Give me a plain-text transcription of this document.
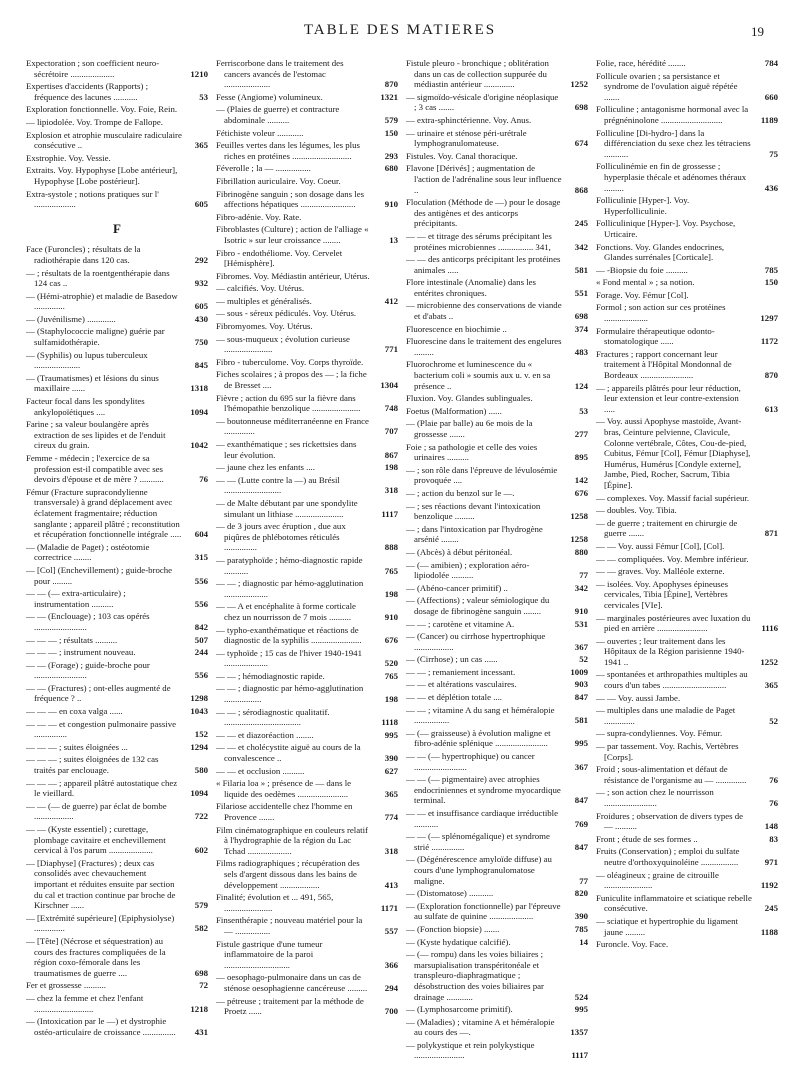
TABLE DES MATIERES	19
Expectoration ; son coefficient neuro-sécrétoire ....................	1210
Expertises d'accidents (Rapports) ; fréquence des lacunes ...........	53
Exploration fonctionnelle. Voy. Foie, Rein.
— lipiodolée. Voy. Trompe de Fallope.
Explosion et atrophie musculaire radiculaire consécutive ..	365
Exstrophie. Voy. Vessie.
Extraits. Voy. Hypophyse [Lobe antérieur], Hypophyse [Lobe postérieur].
Extra-systole ; notions pratiques sur l' ...................	605
F
Face (Furoncles) ; résultats de la radiothérapie dans 120 cas.	292
— ; résultats de la roentgenthérapie dans 124 cas ..	932
— (Hémi-atrophie) et maladie de Basedow ..............	605
— (Juvénilisme) .............	430
— (Staphylococcie maligne) guérie par sulfamidothérapie.	750
— (Syphilis) ou lupus tuberculeux .....................	845
— (Traumatismes) et lésions du sinus maxillaire ......	1318
Facteur focal dans les spondylites ankylopoïétiques ....	1094
Farine ; sa valeur boulangère après extraction de ses lipides et de l'enduit cireux du grain.	1042
Femme - médecin ; l'exercice de sa profession est-il compatible avec ses devoirs d'épouse et de mère ? ...........	76
Fémur (Fracture supracondylienne transversale) à grand déplacement avec éclatement fragmentaire; réduction sanglante ; appareil plâtré ; reconstitution et récupération fonctionnelle intégrale .....	604
— (Maladie de Paget) ; ostéotomie correctrice ........	315
— [Col] (Enchevillement) ; guide-broche pour .........	556
— — (— extra-articulaire) ; instrumentation ..........	556
— — (Enclouage) ; 103 cas opérés ........................	842
— — — ; résultats ..........	507
— — — ; instrument nouveau.	244
— — (Forage) ; guide-broche pour ........................	556
— — (Fractures) ; ont-elles augmenté de fréquence ? ..	1298
— — — en coxa valga ......	1043
— — — et congestion pulmonaire passive ...............	152
— — — ; suites éloignées ...	1294
— — — ; suites éloignées de 132 cas traités par enclouage.	580
— — — ; appareil plâtré autostatique chez le vieillard.	1094
— — (— de guerre) par éclat de bombe ..................	722
— — (Kyste essentiel) ; curettage, plombage cavitaire et enchevillement cervical à l'os parum ....................	602
— [Diaphyse] (Fractures) ; deux cas consolidés avec chevauchement important et réduites ensuite par section du cal et traction continue par broche de Kirschner ......	579
— [Extrémité supérieure] (Epiphysiolyse) ..............	582
— [Tête] (Nécrose et séquestration) au cours des fractures compliquées de la région coxo-fémorale dans les traumatismes de guerre ....	698
Fer et grossesse ..........	72
— chez la femme et chez l'enfant ...........................	1218
— (Intoxication par le —) et dystrophie ostéo-articulaire de croissance ...............	431
Ferriscorbone dans le traitement des cancers avancés de l'estomac .....................	870
Fesse (Angiome) volumineux.	1321
— (Plaies de guerre) et contracture abdominale ..........	579
Fétichiste voleur ............	150
Feuilles vertes dans les légumes, les plus riches en protéines ...........................	293
Féverolle ; la — ................	680
Fibrillation auriculaire. Voy. Coeur.
Fibrinogène sanguin ; son dosage dans les affections hépatiques .........................	910
Fibro-adénie. Voy. Rate.
Fibroblastes (Culture) ; action de l'alliage « Isotric » sur leur croissance ........	13
Fibro - endothéliome. Voy. Cervelet [Hémisphère].
Fibromes. Voy. Médiastin antérieur, Utérus.
— calcifiés. Voy. Utérus.
— multiples et généralisés.	412
— sous - séreux pédiculés. Voy. Utérus.
Fibromyomes. Voy. Utérus.
— sous-muqueux ; évolution curieuse ......................	771
Fibro - tuberculome. Voy. Corps thyroïde.
Fiches scolaires ; à propos des — ; la fiche de Bresset ....	1304
Fièvre ; action du 695 sur la fièvre dans l'hémopathie benzolique ......................	748
— boutonneuse méditerranéenne en France ..............	707
— exanthématique ; ses rickettsies dans leur évolution.	867
— jaune chez les enfants ....	198
— — (Lutte contre la —) au Brésil ..........................	318
— de Malte débutant par une spondylite simulant un lithiase ......................	1117
— de 3 jours avec éruption , due aux piqûres de phlébotomes réticulés ...............	888
— paratyphoïde ; hémo-diagnostic rapide ...........	765
— — ; diagnostic par hémo-agglutination ....................	198
— — A et encéphalite à forme corticale chez un nourrisson de 7 mois ..........	910
— typho-exanthématique et réactions de diagnostic de la syphilis .......................	676
— typhoïde ; 15 cas de l'hiver 1940-1941 ....................	520
— — ; hémodiagnostic rapide.	765
— — ; diagnostic par hémo-agglutination .................	198
— — ; sérodiagnostic qualitatif. ...................................	1118
— — et diazoréaction ........	995
— — et cholécystite aiguë au cours de la convalescence ..	390
— — et occlusion ..........	627
« Filaria loa » ; présence de — dans le liquide des oedèmes .......................	365
Filariose accidentelle chez l'homme en Provence .......	774
Film cinématographique en couleurs relatif à l'hydrographie de la région du Lac Tchad ....................	318
Films radiographiques ; récupération des sels d'argent dissous dans les bains de développement ..................	413
Finalité; évolution et ... 491, 565, ......................	1171
Finsenthérapie ; nouveau matériel pour la — ................	557
Fistule gastrique d'une tumeur inflammatoire de la paroi ..............................	366
— oesophago-pulmonaire dans un cas de sténose oesophagienne cancéreuse .........	294
— pétreuse ; traitement par la méthode de Proetz ......	700
Fistule pleuro - bronchique ; oblitération dans un cas de collection suppurée du médiastin antérieur ..............	1252
— sigmoïdo-vésicale d'origine néoplasique ; 3 cas .......	698
— extra-sphinctérienne. Voy. Anus.
— urinaire et sténose péri-urétrale lymphogranulomateuse.	674
Fistules. Voy. Canal thoracique.
Flavone [Dérivés] ; augmentation de l'action de l'adrénaline sous leur influence ..	868
Floculation (Méthode de —) pour le dosage des antigènes et des anticorps précipitants.	245
— — et titrage des sérums précipitant les protéines microbiennes ................ 341,	342
— — des anticorps précipitant les protéines animales .....	581
Flore intestinale (Anomalie) dans les entérites chroniques.	551
— microbienne des conservations de viande et d'abats ..	698
Fluorescence en biochimie ..	374
Fluorescine dans le traitement des engelures .........	483
Fluorochrome et luminescence du « bacterium coli » soumis aux u. v. en sa présence ..	124
Fluxion. Voy. Glandes sublinguales.
Foetus (Malformation) ......	53
— (Plaie par balle) au 6e mois de la grossesse .......	277
Foie ; sa pathologie et celle des voies urinaires ..........	895
— ; son rôle dans l'épreuve de lévulosémie provoquée ....	142
— ; action du benzol sur le —.	676
— ; ses réactions devant l'intoxication benzolique .........	1258
— ; dans l'intoxication par l'hydrogène arsénié ........	1258
— (Abcès) à début péritonéal.	880
— (— amibien) ; exploration aéro-lipiodolée ..........	77
— (Abéno-cancer primitif) ..	342
— (Affections) ; valeur sémiologique du dosage de fibrinogène sanguin ........	910
— — ; carotène et vitamine A.	531
— (Cancer) ou cirrhose hypertrophique ..................	367
— (Cirrhose) ; un cas ......	52
— — ; remaniement incessant.	1009
— — et altérations vasculaires.	903
— — et déplétion totale ....	847
— — ; vitamine A du sang et héméralopie ................	581
— (— graisseuse) à évolution maligne et fibro-adénie splénique ........................	995
— — (— hypertrophique) ou cancer ........................	367
— — (— pigmentaire) avec atrophies endocriniennes et syndrome myocardique terminal.	847
— — et insuffisance cardiaque irréductible ...........	769
— — (— splénomégalique) et syndrome strié ...............	847
— (Dégénérescence amyloïde diffuse) au cours d'une lymphogranulomatose maligne.	77
— (Distomatose) ...........	820
— (Exploration fonctionnelle) par l'épreuve au sulfate de quinine ....................	390
— (Fonction biopsie) .......	785
— (Kyste hydatique calcifié).	14
— (— rompu) dans les voies biliaires ; marsupialisation transpéritonéale et transpleuro-diaphragmatique ; désobstruction des voies biliaires par drainage ............	524
— (Lymphosarcome primitif).	995
— (Maladies) ; vitamine A et héméralopie au cours des —.	1357
— polykystique et rein polykystique .......................	1117
Folie, race, hérédité ........	784
Follicule ovarien ; sa persistance et syndrome de l'ovulation aiguë répétée .......	660
Folliculine ; antagonisme hormonal avec la prégnéninolone ............................	1189
Folliculine [Di-hydro-] dans la différenciation du sexe chez les tétraciens ...........	75
Folliculinémie en fin de grossesse ; hyperplasie thécale et adénomes théraux .........	436
Folliculinie [Hyper-]. Voy. Hyperfolliculinie.
Folliculinique [Hyper-]. Voy. Psychose, Urticaire.
Fonctions. Voy. Glandes endocrines, Glandes surrénales [Corticale].
— -Biopsie du foie ..........	785
« Fond mental » ; sa notion.	150
Forage. Voy. Fémur [Col].
Formol ; son action sur ces protéines ....................	1297
Formulaire thérapeutique odonto-stomatologique ......	1172
Fractures ; rapport concernant leur traitement à l'Hôpital Mondonnal de Bordeaux ........................	870
— ; appareils plâtrés pour leur réduction, leur extension et leur contre-extension .....	613
— Voy. aussi Apophyse mastoïde, Avant-bras, Ceinture pelvienne, Clavicule, Colonne vertébrale, Côtes, Cou-de-pied, Cubitus, Fémur [Col], Fémur [Diaphyse], Humérus, Humérus [Condyle externe], Jambe, Pied, Rocher, Sacrum, Tibia [Épine].
— complexes. Voy. Massif facial supérieur.
— doubles. Voy. Tibia.
— de guerre ; traitement en chirurgie de guerre .......	871
— — Voy. aussi Fémur [Col], [Col].
— — compliquées. Voy. Membre inférieur.
— — graves. Voy. Malléole externe.
— isolées. Voy. Apophyses épineuses cervicales, Tibia [Épine], Vertèbres cervicales [VIe].
— marginales postérieures avec luxation du pied en arrière .......................	1116
— ouvertes ; leur traitement dans les Hôpitaux de la Région parisienne 1940-1941 ..	1252
— spontanées et arthropathies multiples au cours d'un tabes .............................	365
— — Voy. aussi Jambe.
— multiples dans une maladie de Paget ..............	52
— supra-condyliennes. Voy. Fémur.
— par tassement. Voy. Rachis, Vertèbres [Corps].
Froid ; sous-alimentation et défaut de résistance de l'organisme au — ..............	76
— ; son action chez le nourrisson ........................	76
Froidures ; observation de divers types de — ..........	148
Front ; étude de ses formes ..	83
Fruits (Conservation) ; emploi du sulfate neutre d'orthoxyquinoléine .................	971
— oléagineux ; graine de citrouille ......................	1192
Funiculite inflammatoire et sciatique rebelle consécutive.	245
— sciatique et hypertrophie du ligament jaune .........	1188
Furoncle. Voy. Face.
